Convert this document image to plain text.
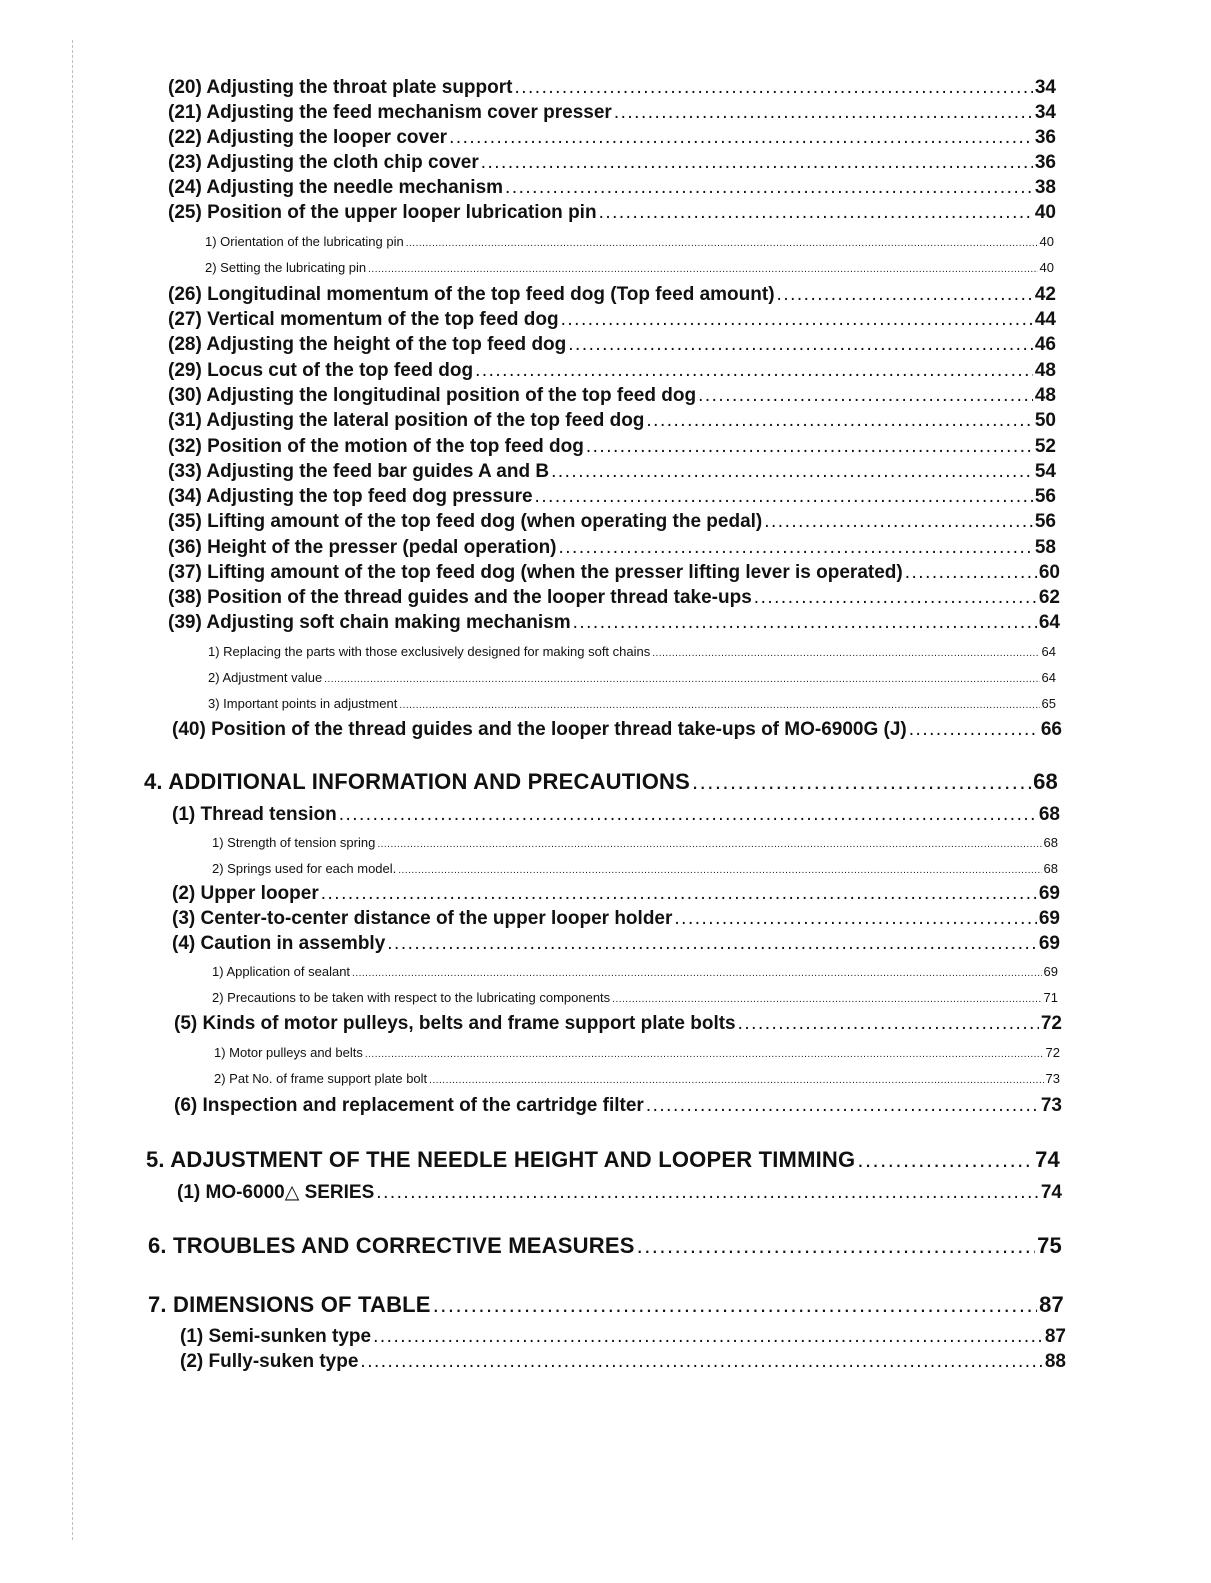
(20) Adjusting the throat plate support .....	34
(21) Adjusting the feed mechanism cover presser .....	34
(22) Adjusting the looper cover .....	36
(23) Adjusting the cloth chip cover .....	36
(24) Adjusting the needle mechanism .....	38
(25) Position of the upper looper lubrication pin .....	40
1) Orientation of the lubricating pin .....	40
2) Setting the lubricating pin .....	40
(26) Longitudinal momentum of the top feed dog (Top feed amount) .....	42
(27) Vertical momentum of the top feed dog .....	44
(28) Adjusting the height of the top feed dog .....	46
(29) Locus cut of the top feed dog .....	48
(30) Adjusting the longitudinal position of the top feed dog .....	48
(31) Adjusting the lateral position of the top feed dog .....	50
(32) Position of the motion of the top feed dog .....	52
(33) Adjusting the feed bar guides A and B .....	54
(34) Adjusting the top feed dog pressure .....	56
(35) Lifting amount of the top feed dog (when operating the pedal) .....	56
(36) Height of the presser (pedal operation) .....	58
(37) Lifting amount of the top feed dog (when the presser lifting lever is operated) .....	60
(38) Position of the thread guides and the looper thread take-ups .....	62
(39) Adjusting soft chain making mechanism .....	64
1) Replacing the parts with those exclusively designed for making soft chains .....	64
2) Adjustment value .....	64
3) Important points in adjustment .....	65
(40) Position of the thread guides and the looper thread take-ups of MO-6900G (J) .....	66
4. ADDITIONAL INFORMATION AND PRECAUTIONS .....	68
(1) Thread tension .....	68
1) Strength of tension spring .....	68
2) Springs used for each model. .....	68
(2) Upper looper .....	69
(3) Center-to-center distance of the upper looper holder .....	69
(4) Caution in assembly .....	69
1) Application of sealant .....	69
2) Precautions to be taken with respect to the lubricating components .....	71
(5) Kinds of motor pulleys, belts and frame support plate bolts .....	72
1) Motor pulleys and belts .....	72
2) Pat No. of frame support plate bolt .....	73
(6) Inspection and replacement of the cartridge filter .....	73
5. ADJUSTMENT OF THE NEEDLE HEIGHT AND LOOPER TIMMING .....	74
(1) MO-6000△ SERIES .....	74
6. TROUBLES AND CORRECTIVE MEASURES .....	75
7. DIMENSIONS OF TABLE .....	87
(1) Semi-sunken type .....	87
(2) Fully-suken type .....	88
